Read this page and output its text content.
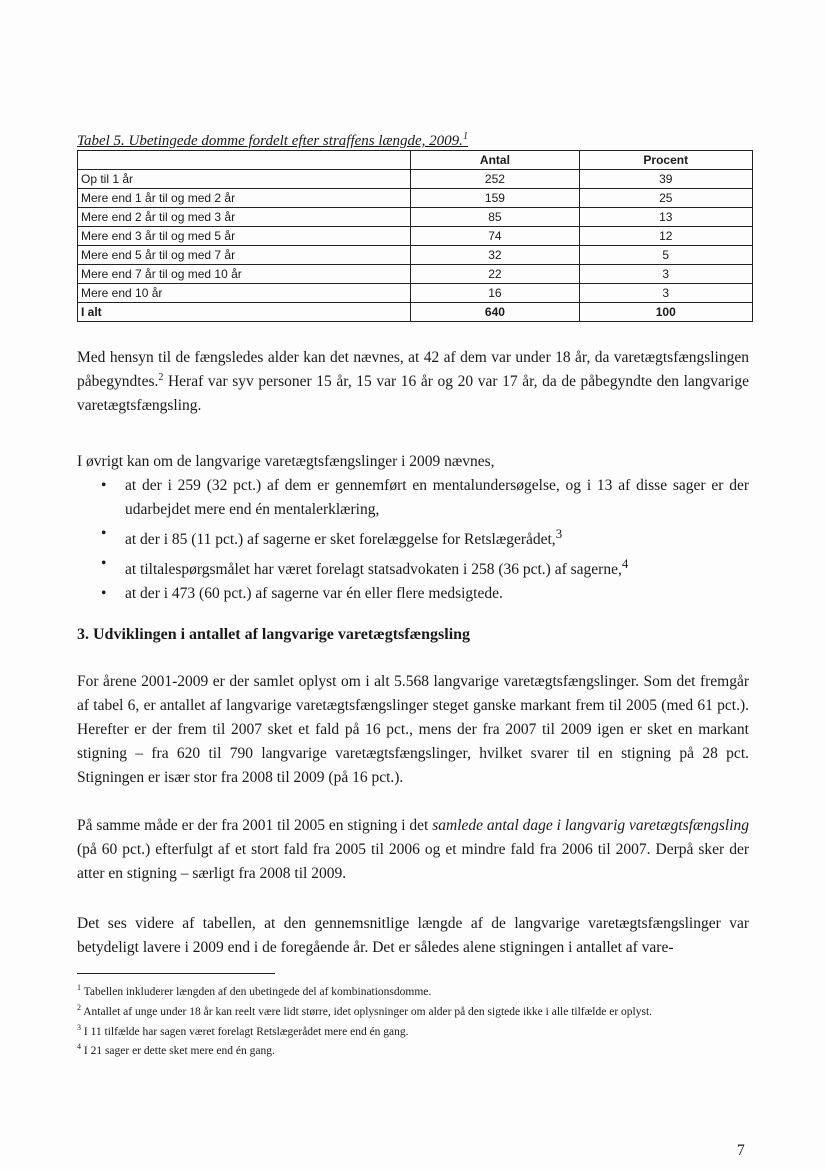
Tabel 5. Ubetingede domme fordelt efter straffens længde, 2009.$^1$
	Antal	Procent
Op til 1 år	252	39
Mere end 1 år til og med 2 år	159	25
Mere end 2 år til og med 3 år	85	13
Mere end 3 år til og med 5 år	74	12
Mere end 5 år til og med 7 år	32	5
Mere end 7 år til og med 10 år	22	3
Mere end 10 år	16	3
I alt	640	100
Med hensyn til de fængsledes alder kan det nævnes, at 42 af dem var under 18 år, da varetægtsfængslingen påbegyndtes.$^2$ Heraf var syv personer 15 år, 15 var 16 år og 20 var 17 år, da de påbegyndte den langvarige varetægtsfængsling.
I øvrigt kan om de langvarige varetægtsfængslinger i 2009 nævnes,
• at der i 259 (32 pct.) af dem er gennemført en mentalundersøgelse, og i 13 af disse sager er der udarbejdet mere end én mentalerklæring,
• at der i 85 (11 pct.) af sagerne er sket forelæggelse for Retslægerådet,$^3$
• at tiltalespørgsmålet har været forelagt statsadvokaten i 258 (36 pct.) af sagerne,$^4$
• at der i 473 (60 pct.) af sagerne var én eller flere medsigtede.
3. Udviklingen i antallet af langvarige varetægtsfængsling
For årene 2001-2009 er der samlet oplyst om i alt 5.568 langvarige varetægtsfængslinger. Som det fremgår af tabel 6, er antallet af langvarige varetægtsfængslinger steget ganske markant frem til 2005 (med 61 pct.). Herefter er der frem til 2007 sket et fald på 16 pct., mens der fra 2007 til 2009 igen er sket en markant stigning – fra 620 til 790 langvarige varetægtsfængslinger, hvilket svarer til en stigning på 28 pct. Stigningen er især stor fra 2008 til 2009 (på 16 pct.).
På samme måde er der fra 2001 til 2005 en stigning i det samlede antal dage i langvarig varetægtsfængsling (på 60 pct.) efterfulgt af et stort fald fra 2005 til 2006 og et mindre fald fra 2006 til 2007. Derpå sker der atter en stigning – særligt fra 2008 til 2009.
Det ses videre af tabellen, at den gennemsnitlige længde af de langvarige varetægtsfængslinger var betydeligt lavere i 2009 end i de foregående år. Det er således alene stigningen i antallet af vare-
$^1$ Tabellen inkluderer længden af den ubetingede del af kombinationsdomme.
$^2$ Antallet af unge under 18 år kan reelt være lidt større, idet oplysninger om alder på den sigtede ikke i alle tilfælde er oplyst.
$^3$ I 11 tilfælde har sagen været forelagt Retslægerådet mere end én gang.
$^4$ I 21 sager er dette sket mere end én gang.
7
